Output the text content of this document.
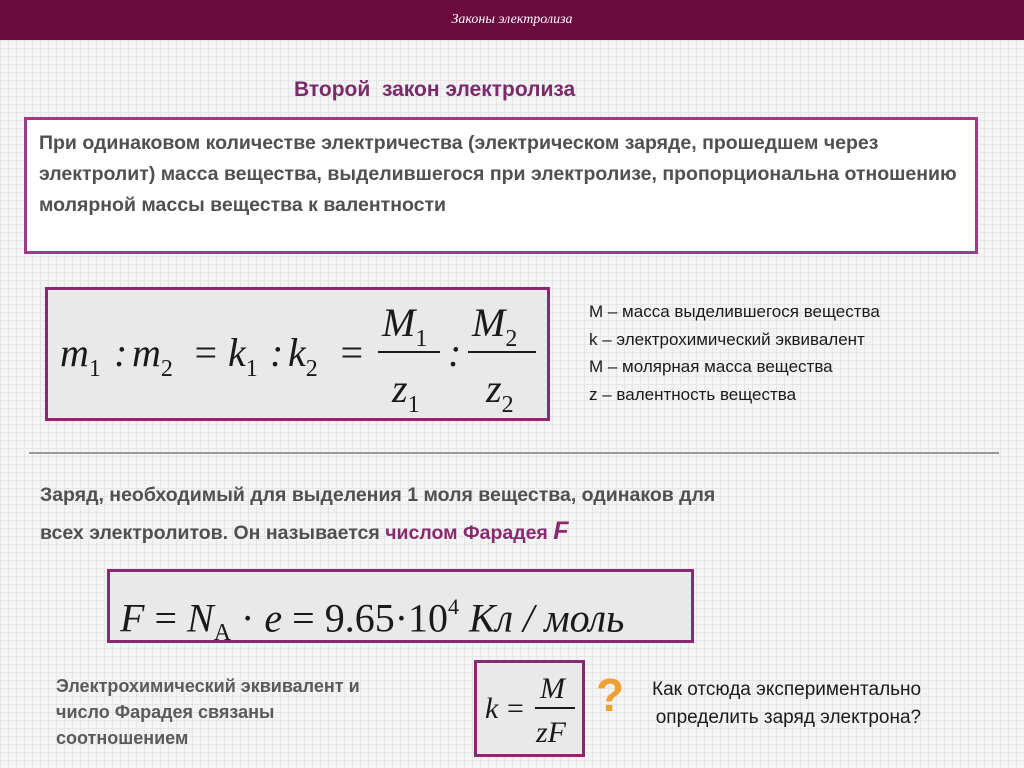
Законы электролиза
Второй  закон электролиза

При одинаковом количестве электричества (электрическом заряде, прошедшем через электролит) масса вещества, выделившегося при электролизе, пропорциональна отношению молярной массы вещества к валентности

$m_1$ : $m_2 = k_1$ : $k_2$ =
$M_1$
$z_1$
:
$M_2$
$z_2$
M – масса выделившегося вещества
k – электрохимический эквивалент
M – молярная масса вещества
z – валентность вещества
Заряд, необходимый для выделения 1 моля вещества, одинаков для
всех электролитов. Он называется числом Фарадея F
$F = N_A \cdot e = 9.65\cdot 10^4$ Кл / моль
Электрохимический эквивалент и
число Фарадея связаны
соотношением
k =
M
zF
? Как отсюда экспериментально
определить заряд электрона?
